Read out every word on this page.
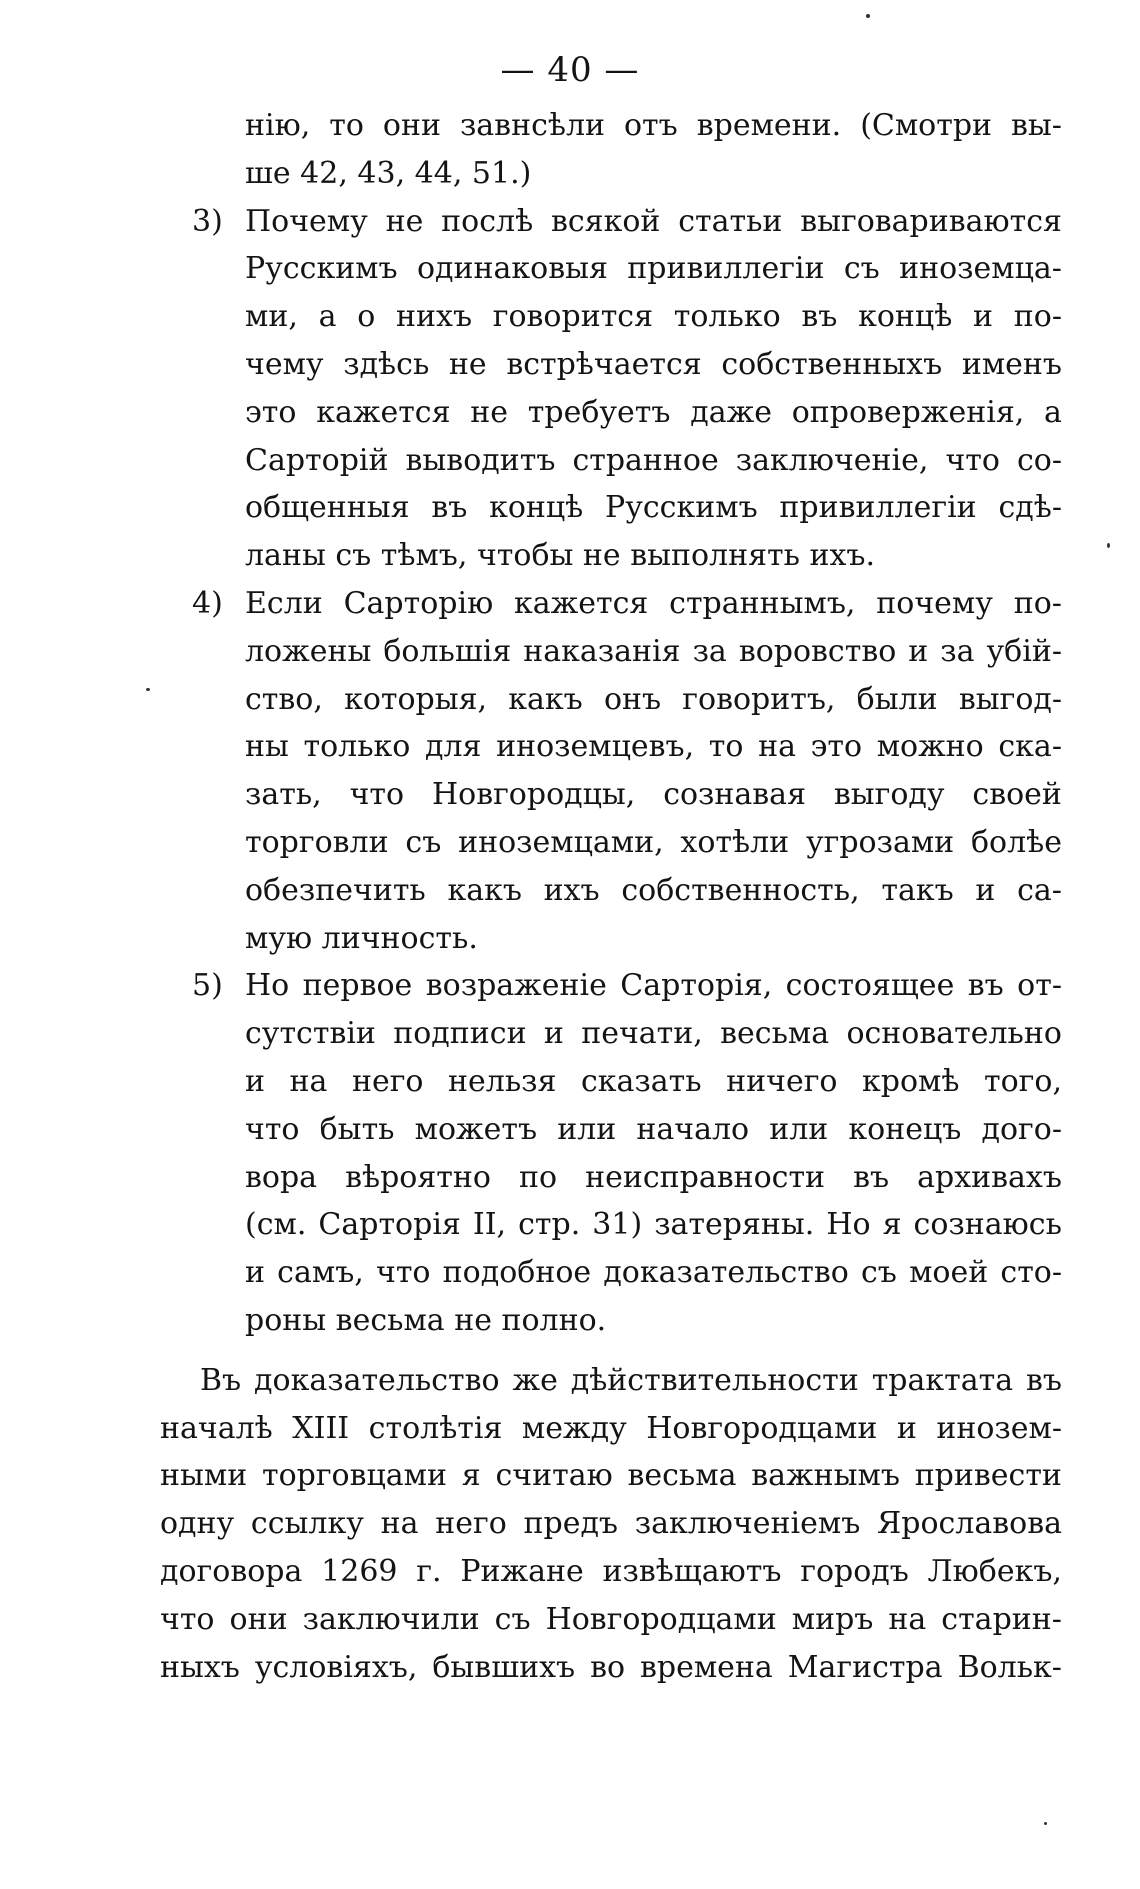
— 40 —
нію, то они завнсѣли отъ времени. (Смотри вы-
ше 42, 43, 44, 51.)
3) Почему не послѣ всякой статьи выговариваются
Русскимъ одинаковыя привиллегіи съ иноземца-
ми, а о нихъ говорится только въ концѣ и по-
чему здѣсь не встрѣчается собственныхъ именъ
это кажется не требуетъ даже опроверженія, а
Сарторій выводитъ странное заключеніе, что со-
общенныя въ концѣ Русскимъ привиллегіи сдѣ-
ланы съ тѣмъ, чтобы не выполнять ихъ.
4) Если Сарторію кажется страннымъ, почему по-
ложены большія наказанія за воровство и за убій-
ство, которыя, какъ онъ говоритъ, были выгод-
ны только для иноземцевъ, то на это можно ска-
зать, что Новгородцы, сознавая выгоду своей
торговли съ иноземцами, хотѣли угрозами болѣе
обезпечить какъ ихъ собственность, такъ и са-
мую личность.
5) Но первое возраженіе Сарторія, состоящее въ от-
сутствіи подписи и печати, весьма основательно
и на него нельзя сказать ничего кромѣ того,
что быть можетъ или начало или конецъ дого-
вора вѣроятно по неисправности въ архивахъ
(см. Сарторія II, стр. 31) затеряны. Но я сознаюсь
и самъ, что подобное доказательство съ моей сто-
роны весьма не полно.
Въ доказательство же дѣйствительности трактата въ
началѣ XIII столѣтія между Новгородцами и инозем-
ными торговцами я считаю весьма важнымъ привести
одну ссылку на него предъ заключеніемъ Ярославова
договора 1269 г. Рижане извѣщаютъ городъ Любекъ,
что они заключили съ Новгородцами миръ на старин-
ныхъ условіяхъ, бывшихъ во времена Магистра Вольк-
